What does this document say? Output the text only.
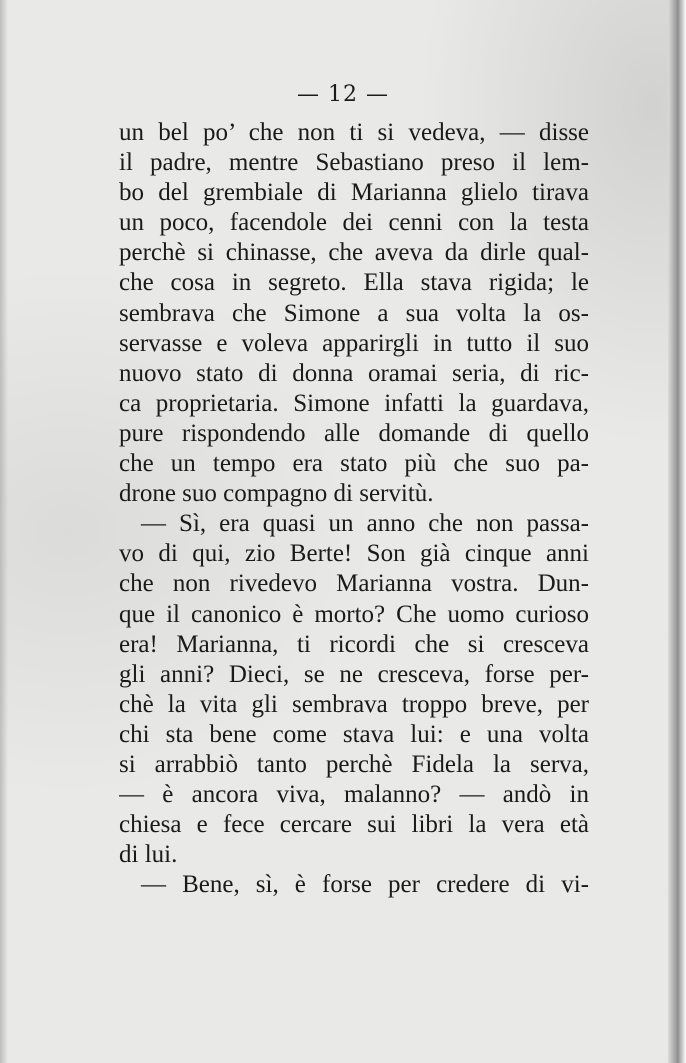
— 12 —
un bel po’ che non ti si vedeva, — disse
il padre, mentre Sebastiano preso il lem-
bo del grembiale di Marianna glielo tirava
un poco, facendole dei cenni con la testa
perchè si chinasse, che aveva da dirle qual-
che cosa in segreto. Ella stava rigida; le
sembrava che Simone a sua volta la os-
servasse e voleva apparirgli in tutto il suo
nuovo stato di donna oramai seria, di ric-
ca proprietaria. Simone infatti la guardava,
pure rispondendo alle domande di quello
che un tempo era stato più che suo pa-
drone suo compagno di servitù.
— Sì, era quasi un anno che non passa-
vo di qui, zio Berte! Son già cinque anni
che non rivedevo Marianna vostra. Dun-
que il canonico è morto? Che uomo curioso
era! Marianna, ti ricordi che si cresceva
gli anni? Dieci, se ne cresceva, forse per-
chè la vita gli sembrava troppo breve, per
chi sta bene come stava lui: e una volta
si arrabbiò tanto perchè Fidela la serva,
— è ancora viva, malanno? — andò in
chiesa e fece cercare sui libri la vera età
di lui.
— Bene, sì, è forse per credere di vi-
